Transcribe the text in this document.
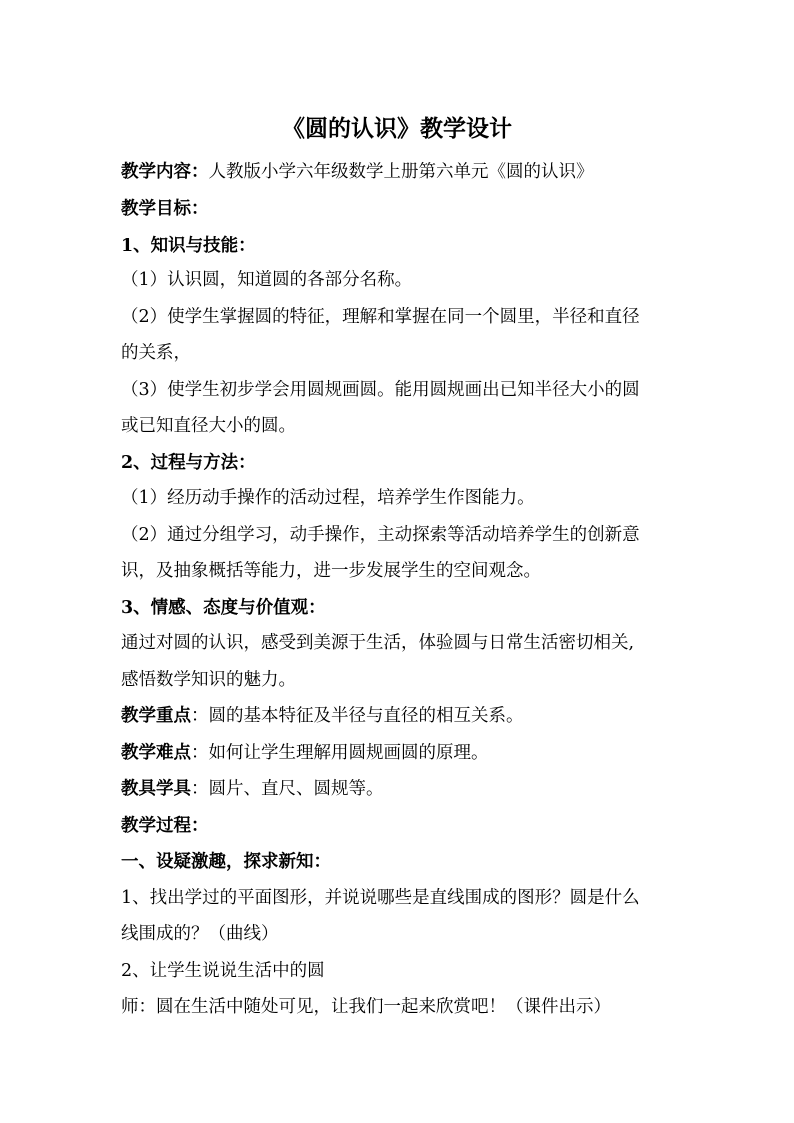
《圆的认识》教学设计
教学内容：人教版小学六年级数学上册第六单元《圆的认识》
教学目标：
1、知识与技能：
（1）认识圆，知道圆的各部分名称。
（2）使学生掌握圆的特征，理解和掌握在同一个圆里，半径和直径
的关系，
（3）使学生初步学会用圆规画圆。能用圆规画出已知半径大小的圆
或已知直径大小的圆。
2、过程与方法：
（1）经历动手操作的活动过程，培养学生作图能力。
（2）通过分组学习，动手操作，主动探索等活动培养学生的创新意
识，及抽象概括等能力，进一步发展学生的空间观念。
3、情感、态度与价值观：
通过对圆的认识，感受到美源于生活，体验圆与日常生活密切相关,
感悟数学知识的魅力。
教学重点：圆的基本特征及半径与直径的相互关系。
教学难点：如何让学生理解用圆规画圆的原理。
教具学具：圆片、直尺、圆规等。
教学过程：
一、设疑激趣，探求新知：
1、找出学过的平面图形，并说说哪些是直线围成的图形？圆是什么
线围成的？（曲线）
2、让学生说说生活中的圆
师：圆在生活中随处可见，让我们一起来欣赏吧！（课件出示）
